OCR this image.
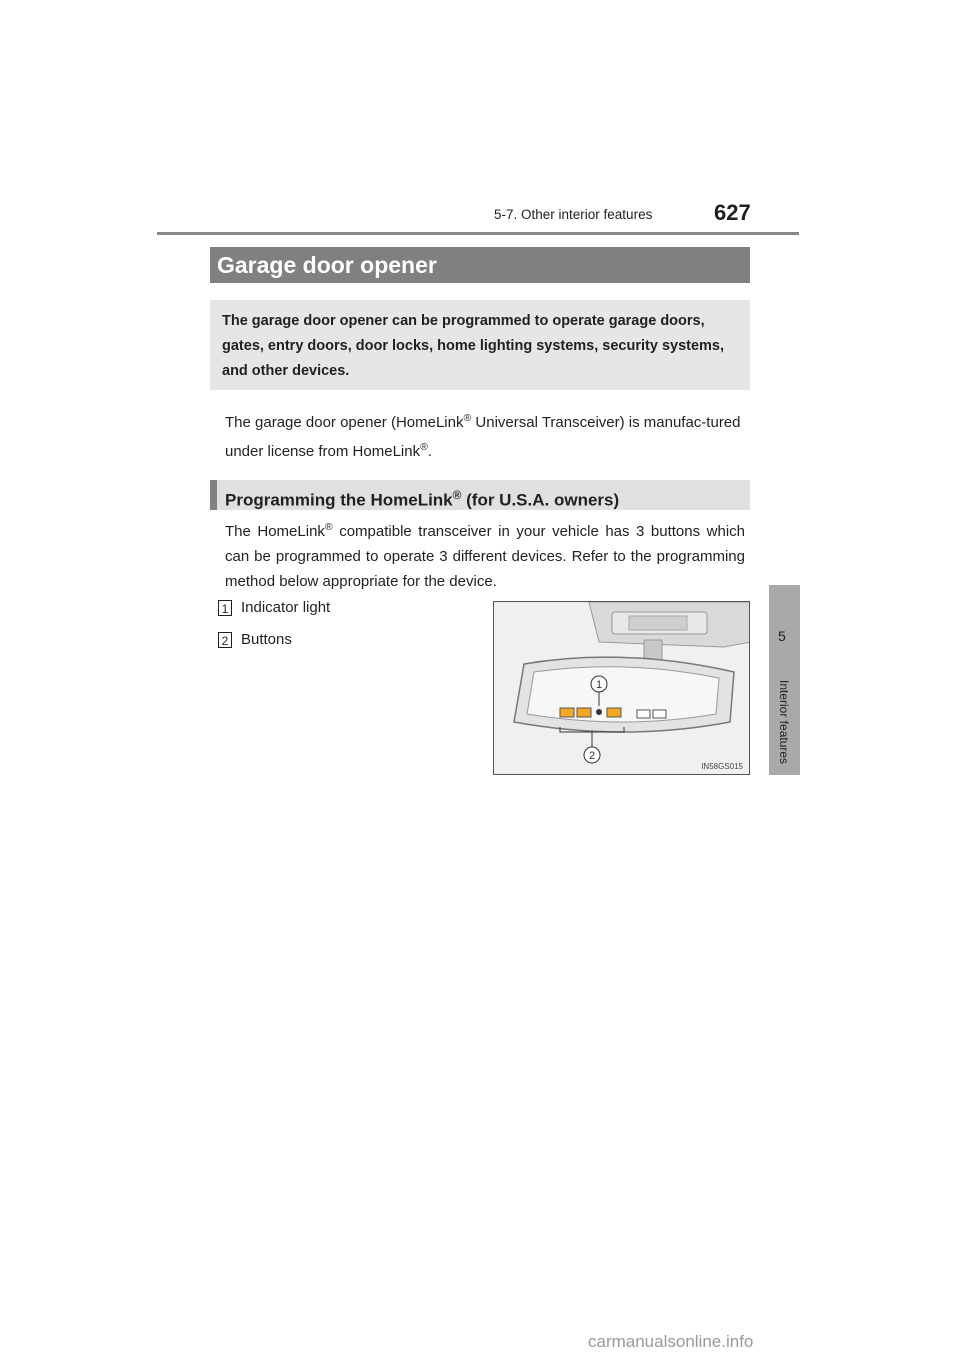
5-7. Other interior features	627
5
Interior features
Garage door opener
The garage door opener can be programmed to operate garage doors, gates, entry doors, door locks, home lighting systems, security systems, and other devices.
The garage door opener (HomeLink® Universal Transceiver) is manufac-tured under license from HomeLink®.
Programming the HomeLink® (for U.S.A. owners)
The HomeLink® compatible transceiver in your vehicle has 3 buttons which can be programmed to operate 3 different devices. Refer to the programming method below appropriate for the device.
1 Indicator light
2 Buttons
1
2
IN58GS015
carmanualsonline.info
